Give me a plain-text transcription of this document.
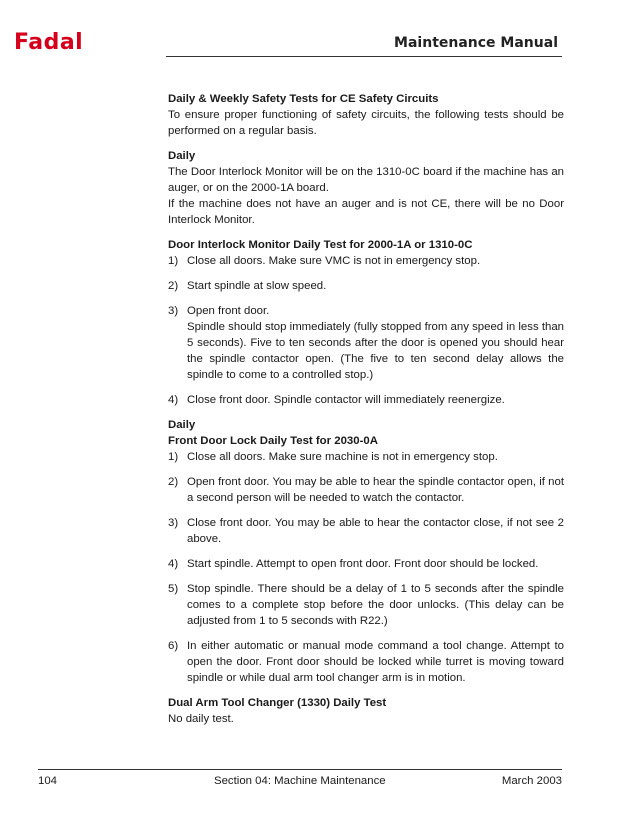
Fadal	Maintenance Manual

Daily & Weekly Safety Tests for CE Safety Circuits

To ensure proper functioning of safety circuits, the following tests should be performed on a regular basis.

Daily

The Door Interlock Monitor will be on the 1310-0C board if the machine has an auger, or on the 2000-1A board.

If the machine does not have an auger and is not CE, there will be no Door Interlock Monitor.

Door Interlock Monitor Daily Test for 2000-1A or 1310-0C

1) Close all doors. Make sure VMC is not in emergency stop.
2) Start spindle at slow speed.
3) Open front door.

Spindle should stop immediately (fully stopped from any speed in less than 5 seconds). Five to ten seconds after the door is opened you should hear the spindle contactor open. (The five to ten second delay allows the spindle to come to a controlled stop.)

4) Close front door. Spindle contactor will immediately reenergize.

Daily

Front Door Lock Daily Test for 2030-0A

1) Close all doors. Make sure machine is not in emergency stop.
2) Open front door. You may be able to hear the spindle contactor open, if not a second person will be needed to watch the contactor.
3) Close front door. You may be able to hear the contactor close, if not see 2 above.
4) Start spindle. Attempt to open front door. Front door should be locked.
5) Stop spindle. There should be a delay of 1 to 5 seconds after the spindle comes to a complete stop before the door unlocks. (This delay can be adjusted from 1 to 5 seconds with R22.)
6) In either automatic or manual mode command a tool change. Attempt to open the door. Front door should be locked while turret is moving toward spindle or while dual arm tool changer arm is in motion.

Dual Arm Tool Changer (1330) Daily Test

No daily test.

104	Section 04: Machine Maintenance	March 2003
